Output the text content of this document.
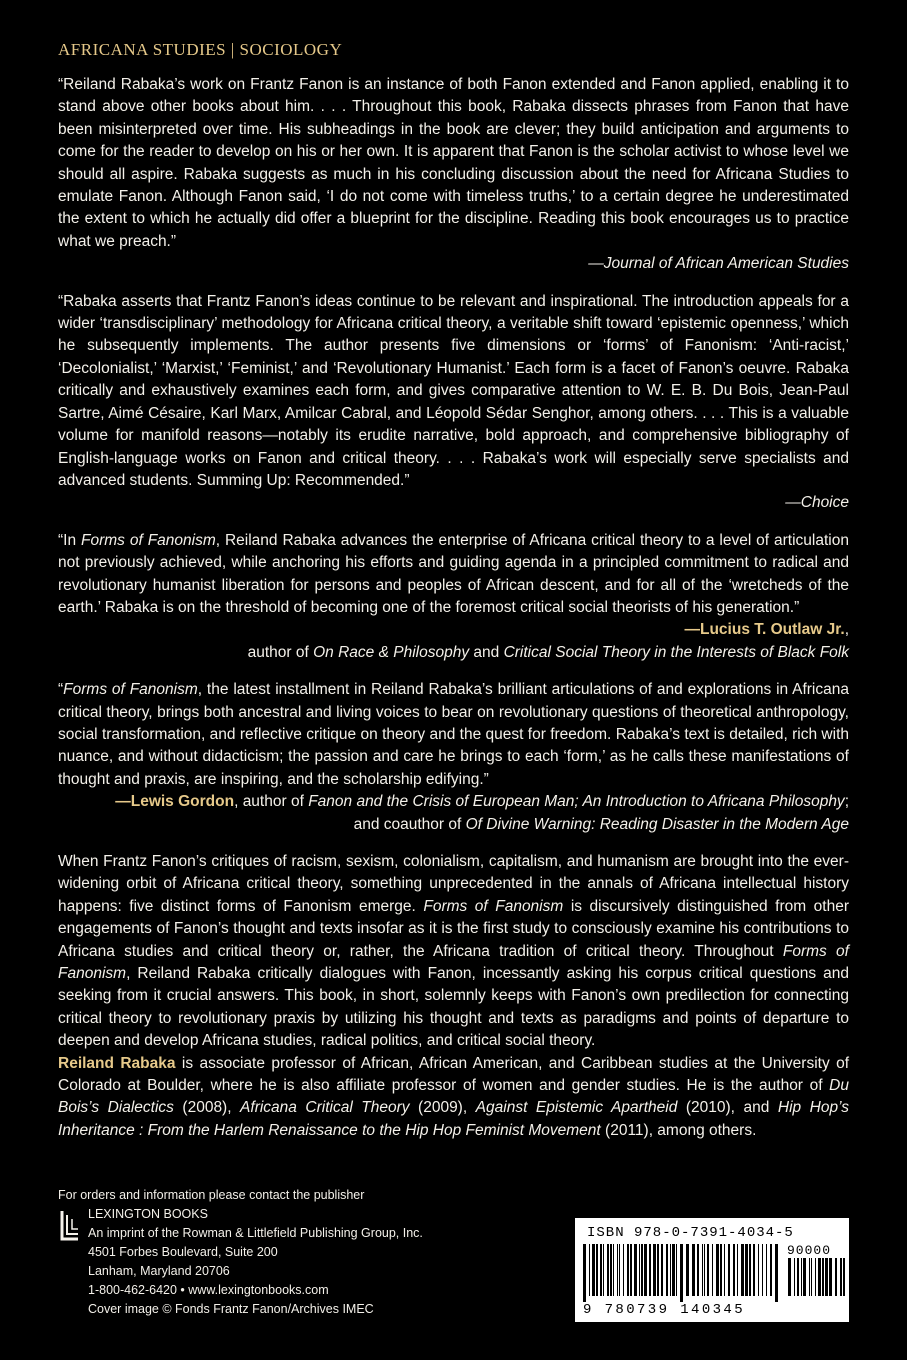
AFRICANA STUDIES | SOCIOLOGY

“Reiland Rabaka’s work on Frantz Fanon is an instance of both Fanon extended and Fanon applied, enabling it to stand above other books about him. . . . Throughout this book, Rabaka dissects phrases from Fanon that have been misinterpreted over time. His subheadings in the book are clever; they build anticipation and arguments to come for the reader to develop on his or her own. It is apparent that Fanon is the scholar activist to whose level we should all aspire. Rabaka suggests as much in his concluding discussion about the need for Africana Studies to emulate Fanon. Although Fanon said, ‘I do not come with timeless truths,’ to a certain degree he underestimated the extent to which he actually did offer a blueprint for the discipline. Reading this book encourages us to practice what we preach.”

—Journal of African American Studies

“Rabaka asserts that Frantz Fanon’s ideas continue to be relevant and inspirational. The introduction appeals for a wider ‘transdisciplinary’ methodology for Africana critical theory, a veritable shift toward ‘epistemic openness,’ which he subsequently implements. The author presents five dimensions or ‘forms’ of Fanonism: ‘Anti-racist,’ ‘Decolonialist,’ ‘Marxist,’ ‘Feminist,’ and ‘Revolutionary Humanist.’ Each form is a facet of Fanon’s oeuvre. Rabaka critically and exhaustively examines each form, and gives comparative attention to W. E. B. Du Bois, Jean-Paul Sartre, Aimé Césaire, Karl Marx, Amilcar Cabral, and Léopold Sédar Senghor, among others. . . . This is a valuable volume for manifold reasons—notably its erudite narrative, bold approach, and comprehensive bibliography of English-language works on Fanon and critical theory. . . . Rabaka’s work will especially serve specialists and advanced students. Summing Up: Recommended.”

—Choice

“In Forms of Fanonism, Reiland Rabaka advances the enterprise of Africana critical theory to a level of articulation not previously achieved, while anchoring his efforts and guiding agenda in a principled commitment to radical and revolutionary humanist liberation for persons and peoples of African descent, and for all of the ‘wretcheds of the earth.’ Rabaka is on the threshold of becoming one of the foremost critical social theorists of his generation.”

—Lucius T. Outlaw Jr.,

author of On Race & Philosophy and Critical Social Theory in the Interests of Black Folk

“Forms of Fanonism, the latest installment in Reiland Rabaka’s brilliant articulations of and explorations in Africana critical theory, brings both ancestral and living voices to bear on revolutionary questions of theoretical anthropology, social transformation, and reflective critique on theory and the quest for freedom. Rabaka’s text is detailed, rich with nuance, and without didacticism; the passion and care he brings to each ‘form,’ as he calls these manifestations of thought and praxis, are inspiring, and the scholarship edifying.”

—Lewis Gordon, author of Fanon and the Crisis of European Man; An Introduction to Africana Philosophy;

and coauthor of Of Divine Warning: Reading Disaster in the Modern Age

When Frantz Fanon’s critiques of racism, sexism, colonialism, capitalism, and humanism are brought into the ever-widening orbit of Africana critical theory, something unprecedented in the annals of Africana intellectual history happens: five distinct forms of Fanonism emerge. Forms of Fanonism is discursively distinguished from other engagements of Fanon’s thought and texts insofar as it is the first study to consciously examine his contributions to Africana studies and critical theory or, rather, the Africana tradition of critical theory. Throughout Forms of Fanonism, Reiland Rabaka critically dialogues with Fanon, incessantly asking his corpus critical questions and seeking from it crucial answers. This book, in short, solemnly keeps with Fanon’s own predilection for connecting critical theory to revolutionary praxis by utilizing his thought and texts as paradigms and points of departure to deepen and develop Africana studies, radical politics, and critical social theory.

Reiland Rabaka is associate professor of African, African American, and Caribbean studies at the University of Colorado at Boulder, where he is also affiliate professor of women and gender studies. He is the author of Du Bois’s Dialectics (2008), Africana Critical Theory (2009), Against Epistemic Apartheid (2010), and Hip Hop’s Inheritance : From the Harlem Renaissance to the Hip Hop Feminist Movement (2011), among others.

For orders and information please contact the publisher
LEXINGTON BOOKS
An imprint of the Rowman & Littlefield Publishing Group, Inc.
4501 Forbes Boulevard, Suite 200
Lanham, Maryland 20706
1-800-462-6420 • www.lexingtonbooks.com
Cover image © Fonds Frantz Fanon/Archives IMEC
ISBN 978-0-7391-4034-5
90000
9 780739 140345
